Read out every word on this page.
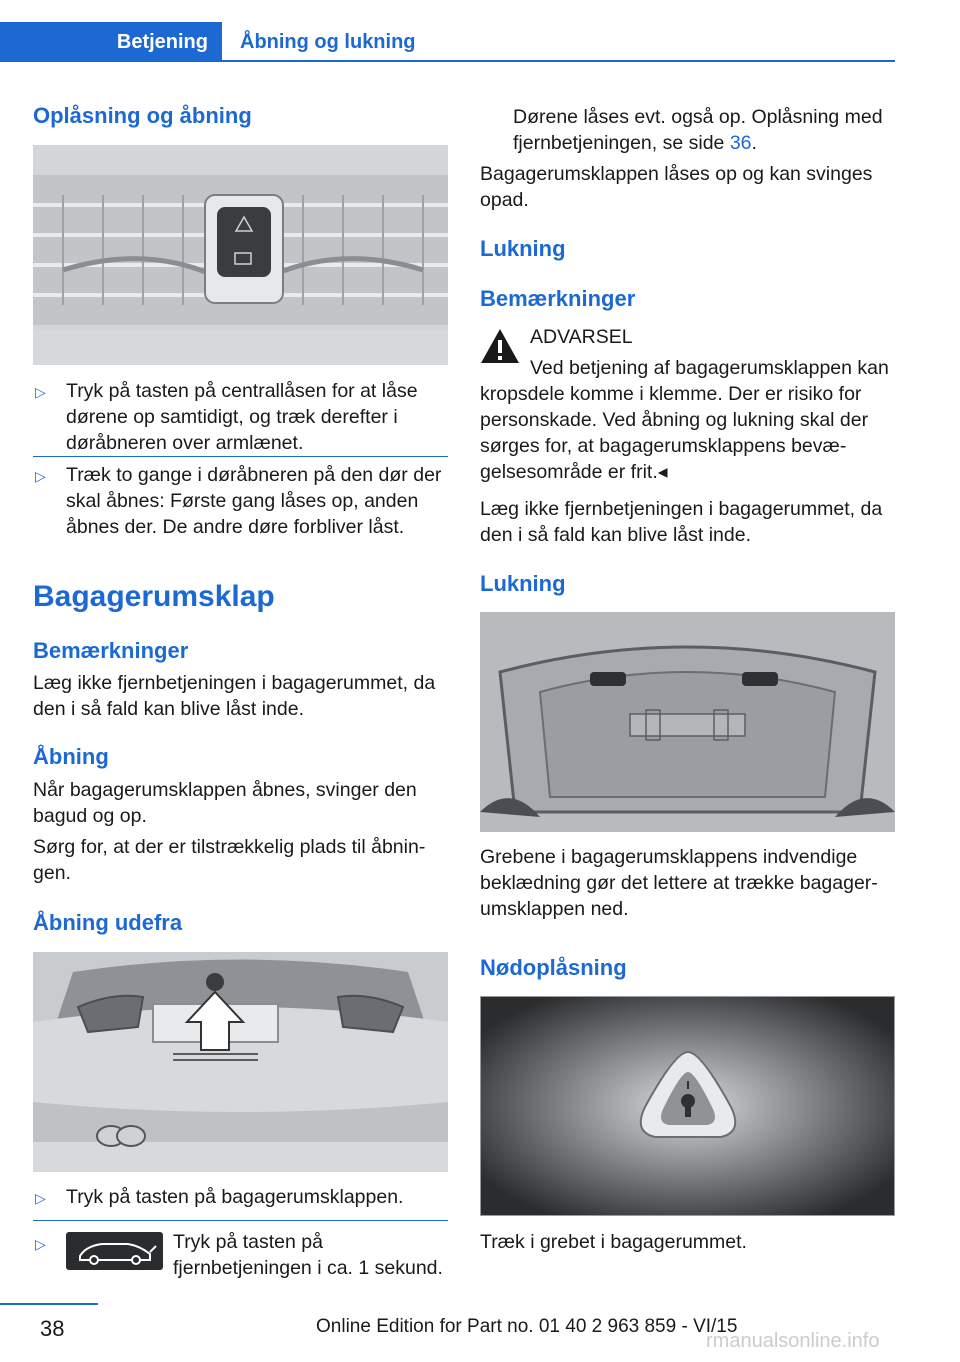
Betjening	Åbning og lukning
Oplåsning og åbning
▷ Tryk på tasten på centrallåsen for at låse dørene op samtidigt, og træk derefter i døråbneren over armlænet.
▷ Træk to gange i døråbneren på den dør der skal åbnes: Første gang låses op, anden åbnes der. De andre døre forbliver låst.
Bagagerumsklap
Bemærkninger
Læg ikke fjernbetjeningen i bagagerummet, da den i så fald kan blive låst inde.
Åbning
Når bagagerumsklappen åbnes, svinger den bagud og op.
Sørg for, at der er tilstrækkelig plads til åbnin-gen.
Åbning udefra
▷ Tryk på tasten på bagagerumsklappen.
▷	Tryk på tasten på fjernbetjeningen i ca. 1 sekund.
Dørene låses evt. også op. Oplåsning med fjernbetjeningen, se side 36.
Bagagerumsklappen låses op og kan svinges opad.
Lukning
Bemærkninger
ADVARSEL
Ved betjening af bagagerumsklappen kan kropsdele komme i klemme. Der er risiko for personskade. Ved åbning og lukning skal der sørges for, at bagagerumsklappens bevæ-gelsesområde er frit.◂
Læg ikke fjernbetjeningen i bagagerummet, da den i så fald kan blive låst inde.
Lukning
Grebene i bagagerumsklappens indvendige beklædning gør det lettere at trække bagager-umsklappen ned.
Nødoplåsning
Træk i grebet i bagagerummet.
38	Online Edition for Part no. 01 40 2 963 859 - VI/15
rmanualsonline.info
